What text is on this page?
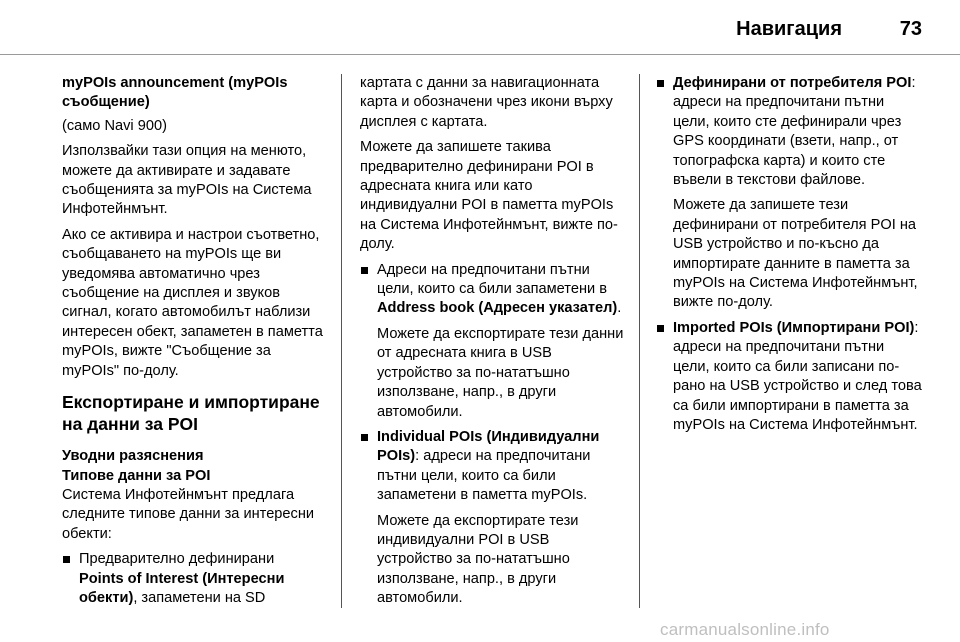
Навигация	73

myPOIs announcement (myPOIs съобщение)

(само Navi 900)

Използвайки тази опция на менюто, можете да активирате и задавате съобщенията за myPOIs на Система Инфотейнмънт.

Ако се активира и настрои съответно, съобщаването на myPOIs ще ви уведомява автоматично чрез съобщение на дисплея и звуков сигнал, когато автомобилът наблизи интересен обект, запаметен в паметта myPOIs, вижте "Съобщение за myPOIs" по-долу.

Експортиране и импортиране на данни за POI
Уводни разяснения
Типове данни за POI

Система Инфотейнмънт предлага следните типове данни за интересни обекти:

Предварително дефинирани
Points of Interest (Интересни обекти), запаметени на SD

картата с данни за навигационната карта и обозначени чрез икони върху дисплея с картата.

Можете да запишете такива предварително дефинирани POI в адресната книга или като индивидуални POI в паметта myPOIs на Система Инфотейнмънт, вижте по-долу.

Адреси на предпочитани пътни цели, които са били запаметени в Address book (Адресен указател).

Можете да експортирате тези данни от адресната книга в USB устройство за по-нататъшно използване, напр., в други автомобили.

Individual POIs (Индивидуални POIs): адреси на предпочитани пътни цели, които са били запаметени в паметта myPOIs.

Можете да експортирате тези индивидуални POI в USB устройство за по-нататъшно използване, напр., в други автомобили.

Дефинирани от потребителя POI: адреси на предпочитани пътни цели, които сте дефинирали чрез GPS координати (взети, напр., от топографска карта) и които сте въвели в текстови файлове.

Можете да запишете тези дефинирани от потребителя POI на USB устройство и по-късно да импортирате данните в паметта за myPOIs на Система Инфотейнмънт, вижте по-долу.

Imported POIs (Импортирани POI): адреси на предпочитани пътни цели, които са били записани по-рано на USB устройство и след това са били импортирани в паметта за myPOIs на Система Инфотейнмънт.
carmanualsonline.info
